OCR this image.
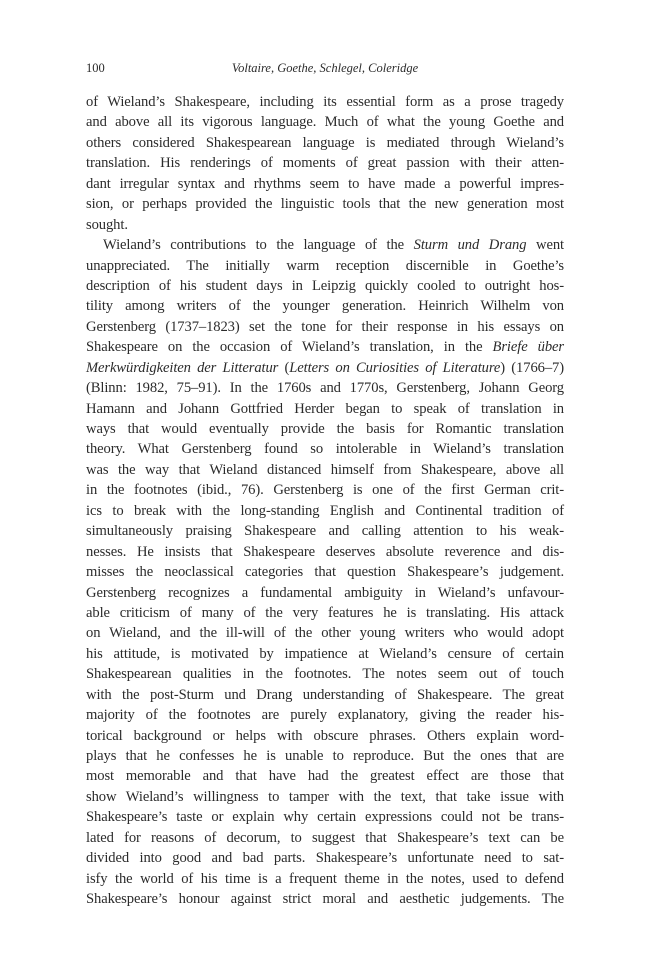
100	Voltaire, Goethe, Schlegel, Coleridge
of Wieland’s Shakespeare, including its essential form as a prose tragedy
and above all its vigorous language. Much of what the young Goethe and
others considered Shakespearean language is mediated through Wieland’s
translation. His renderings of moments of great passion with their atten-
dant irregular syntax and rhythms seem to have made a powerful impres-
sion, or perhaps provided the linguistic tools that the new generation most
sought.
Wieland’s contributions to the language of the Sturm und Drang went
unappreciated. The initially warm reception discernible in Goethe’s
description of his student days in Leipzig quickly cooled to outright hos-
tility among writers of the younger generation. Heinrich Wilhelm von
Gerstenberg (1737–1823) set the tone for their response in his essays on
Shakespeare on the occasion of Wieland’s translation, in the Briefe über
Merkwürdigkeiten der Litteratur (Letters on Curiosities of Literature) (1766–7)
(Blinn: 1982, 75–91). In the 1760s and 1770s, Gerstenberg, Johann Georg
Hamann and Johann Gottfried Herder began to speak of translation in
ways that would eventually provide the basis for Romantic translation
theory. What Gerstenberg found so intolerable in Wieland’s translation
was the way that Wieland distanced himself from Shakespeare, above all
in the footnotes (ibid., 76). Gerstenberg is one of the first German crit-
ics to break with the long-standing English and Continental tradition of
simultaneously praising Shakespeare and calling attention to his weak-
nesses. He insists that Shakespeare deserves absolute reverence and dis-
misses the neoclassical categories that question Shakespeare’s judgement.
Gerstenberg recognizes a fundamental ambiguity in Wieland’s unfavour-
able criticism of many of the very features he is translating. His attack
on Wieland, and the ill-will of the other young writers who would adopt
his attitude, is motivated by impatience at Wieland’s censure of certain
Shakespearean qualities in the footnotes. The notes seem out of touch
with the post-Sturm und Drang understanding of Shakespeare. The great
majority of the footnotes are purely explanatory, giving the reader his-
torical background or helps with obscure phrases. Others explain word-
plays that he confesses he is unable to reproduce. But the ones that are
most memorable and that have had the greatest effect are those that
show Wieland’s willingness to tamper with the text, that take issue with
Shakespeare’s taste or explain why certain expressions could not be trans-
lated for reasons of decorum, to suggest that Shakespeare’s text can be
divided into good and bad parts. Shakespeare’s unfortunate need to sat-
isfy the world of his time is a frequent theme in the notes, used to defend
Shakespeare’s honour against strict moral and aesthetic judgements. The
